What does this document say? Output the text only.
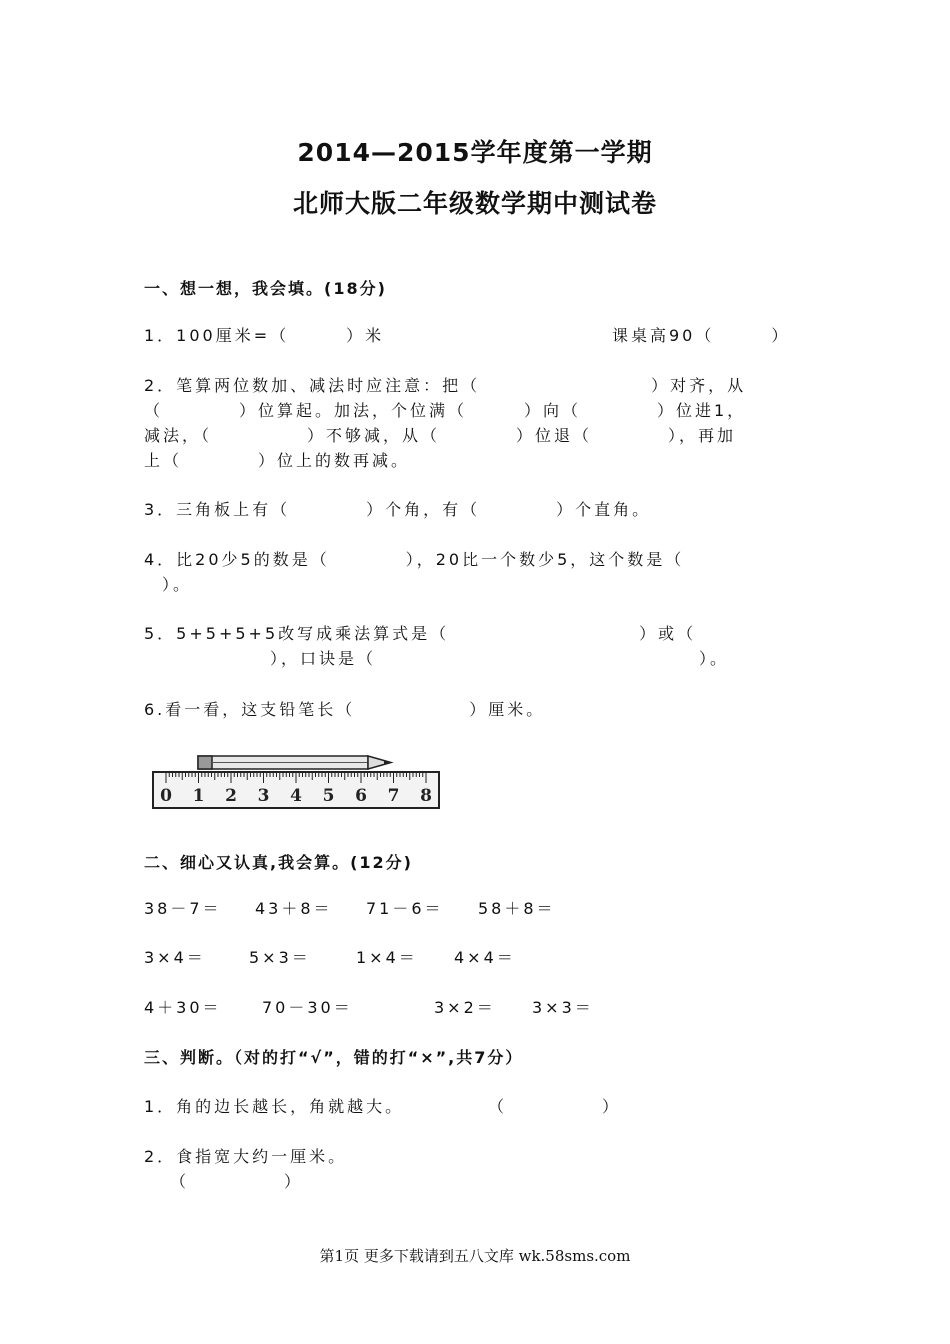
2014—2015学年度第一学期
北师大版二年级数学期中测试卷
一、想一想，我会填。(18分)
1．100厘米=（　　　）米	课桌高90（　　　）
2．笔算两位数加、减法时应注意：把（　　　　　　　　　）对齐，从
（　　　　）位算起。加法，个位满（　　　）向（　　　　）位进1，
减法，（　　　　　）不够减，从（　　　　）位退（　　　　），再加
上（　　　　）位上的数再减。
3．三角板上有（　　　　）个角，有（　　　　）个直角。
4．比20少5的数是（　　　　），20比一个数少5，这个数是（
）。
5．5+5+5+5改写成乘法算式是（　　　　　　　　　　）或（
），口诀是（　　　　　　　　　　　　　　　　　）。
6.看一看，这支铅笔长（　　　　　　）厘米。
0 1 2 3 4 5 6 7 8
二、细心又认真,我会算。(12分)
38－7＝ 43＋8＝ 71－6＝ 58＋8＝
3×4＝	5×3＝	1×4＝ 4×4＝
4＋30＝	70－30＝	3×2＝ 3×3＝
三、判断。（对的打“√”，错的打“×”,共7分）
1．角的边长越长，角就越大。	（　　　　　）
2．食指宽大约一厘米。
（　　　　　）
第1页 更多下载请到五八文库 wk.58sms.com
